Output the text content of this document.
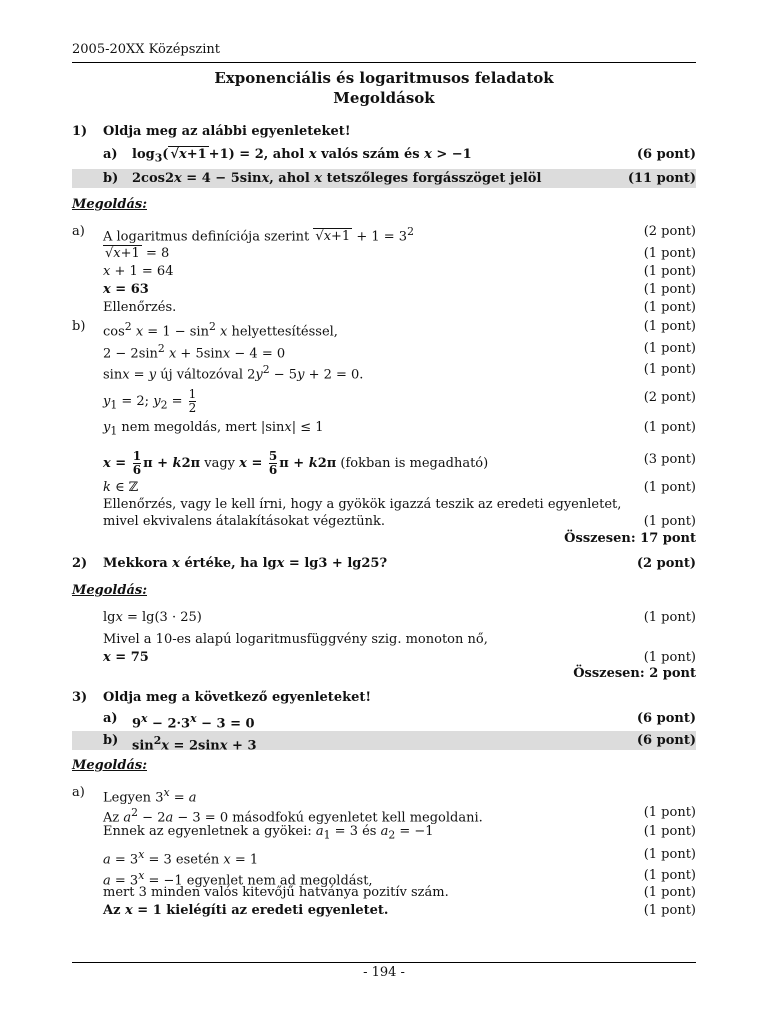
2005-20XX Középszint
Exponenciális és logaritmusos feladatok
Megoldások
1) Oldja meg az alábbi egyenleteket!
a) $\log_3$( √x+1 +1) = 2, ahol x valós szám és x > −1	(6 pont)
b) 2cos2x = 4 − 5sinx, ahol x tetszőleges forgásszöget jelöl	(11 pont)
Megoldás:
a) A logaritmus definíciója szerint $√x+1 + 1 = 3^2$	(2 pont)
√x+1 = 8	(1 pont)
x + 1 = 64	(1 pont)
x = 63	(1 pont)
Ellenőrzés.	(1 pont)
b) $\cos^2 x = 1 - \sin^2 x$ helyettesítéssel,	(1 pont)
$2 - 2\sin^2$ x + 5sinx − 4 = 0	(1 pont)
sinx = y új változóval $2y^2 - 5y + 2 = 0$.	(1 pont)
$y_1 = 2$; $y_2 = \frac{1}{2}$	(2 pont)
$y_1$ nem megoldás, mert |sinx| ≤ 1	(1 pont)
$x = \frac{1}{6}$ π + k2π vagy $x = \frac{5}{6}$ π + k2π (fokban is megadható)	(3 pont)
k ∈ ℤ	(1 pont)
Ellenőrzés, vagy le kell írni, hogy a gyökök igazzá teszik az eredeti egyenletet,
mivel ekvivalens átalakításokat végeztünk.	(1 pont)
Összesen: 17 pont
2) Mekkora x értéke, ha lgx = lg3 + lg25?	(2 pont)
Megoldás:
lgx = lg(3 · 25)	(1 pont)
Mivel a 10-es alapú logaritmusfüggvény szig. monoton nő,
x = 75	(1 pont)
Összesen: 2 pont
3) Oldja meg a következő egyenleteket!
a) $9^x - 2\cdot 3^x - 3 = 0$	(6 pont)
b) $\sin^2x = 2\sin x + 3$	(6 pont)
Megoldás:
a) Legyen $3^x = a$
Az $a^2 - 2a - 3 = 0$ másodfokú egyenletet kell megoldani.	(1 pont)
Ennek az egyenletnek a gyökei: $a_1 = 3$ és $a_2 = -1$	(1 pont)
$a = 3^x = 3$ esetén x = 1	(1 pont)
$a = 3^x = -1$ egyenlet nem ad megoldást,	(1 pont)
mert 3 minden valós kitevőjű hatványa pozitív szám.	(1 pont)
Az x = 1 kielégíti az eredeti egyenletet.	(1 pont)
- 194 -
